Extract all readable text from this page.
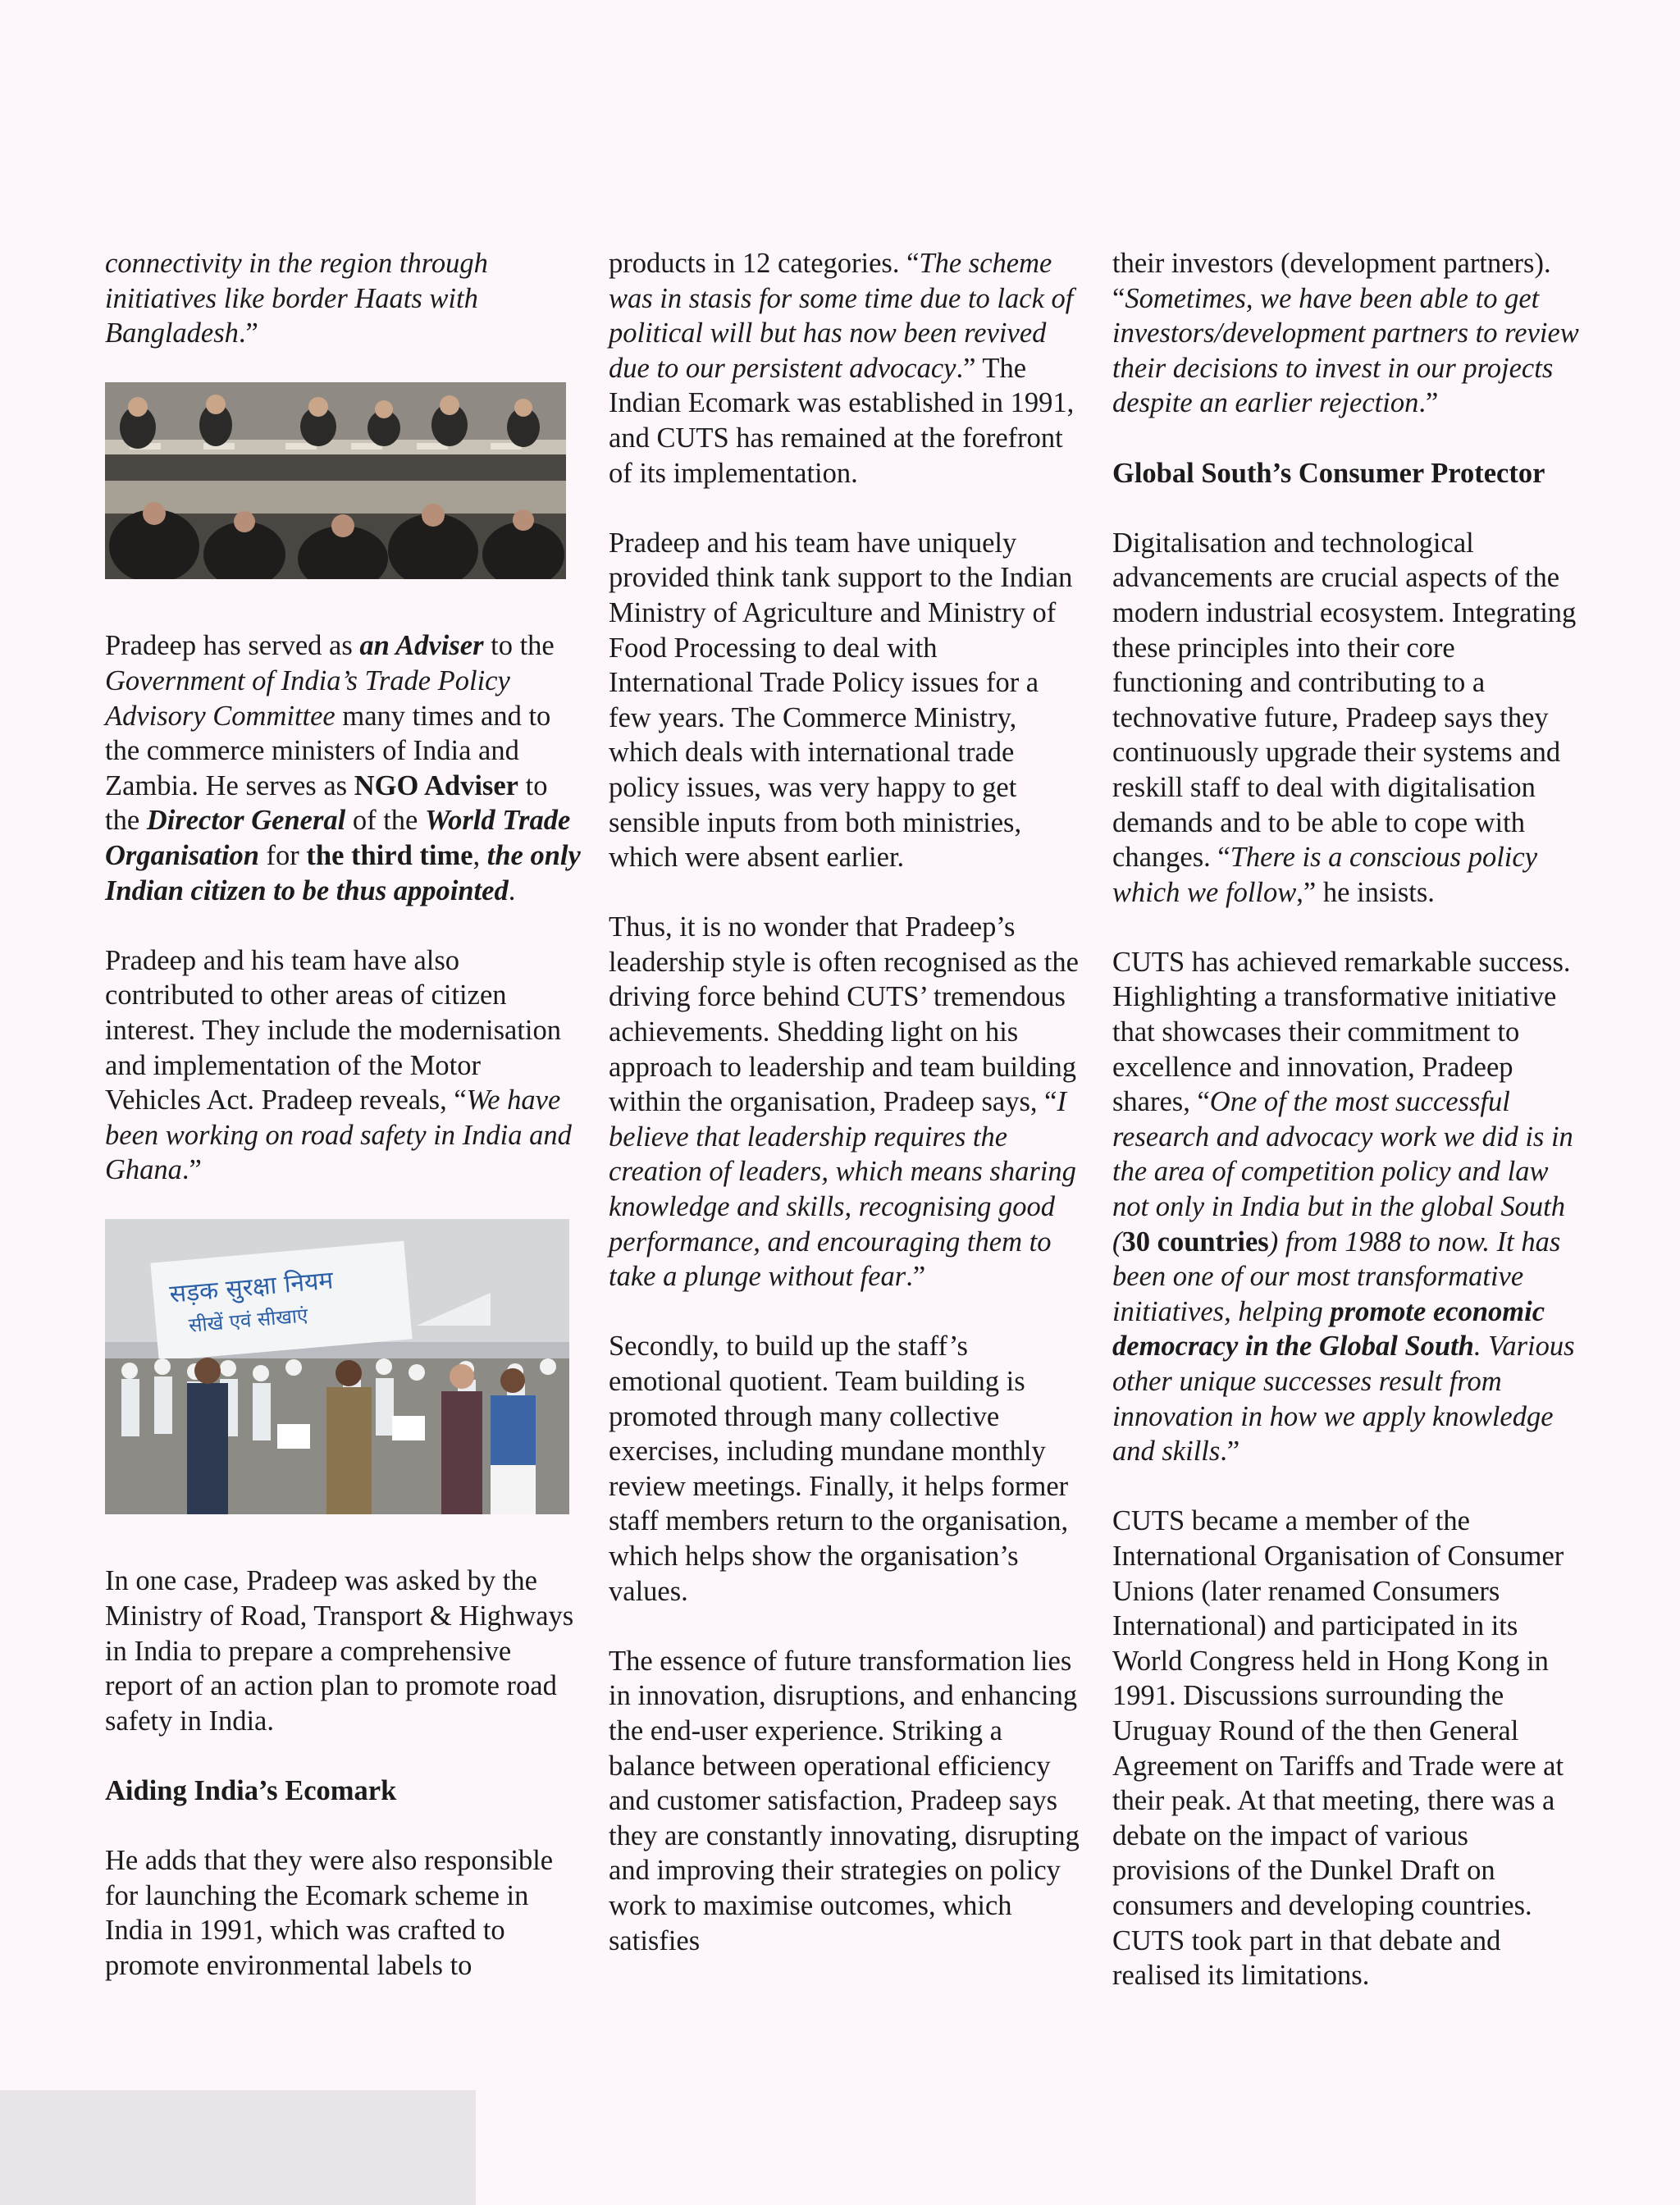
connectivity in the region through initiatives like border Haats with Bangladesh.”

Pradeep has served as an Adviser to the Government of India’s Trade Policy Advisory Committee many times and to the commerce ministers of India and Zambia. He serves as NGO Adviser to the Director General of the World Trade Organisation for the third time, the only Indian citizen to be thus appointed.

Pradeep and his team have also contributed to other areas of citizen interest. They include the modernisation and implementation of the Motor Vehicles Act. Pradeep reveals, “We have been working on road safety in India and Ghana.”

सड़क सुरक्षा नियम
सीखें एवं सीखाएं

In one case, Pradeep was asked by the Ministry of Road, Transport & Highways in India to prepare a comprehensive report of an action plan to promote road safety in India.

Aiding India’s Ecomark

He adds that they were also responsible for launching the Ecomark scheme in India in 1991, which was crafted to promote environmental labels to

products in 12 categories. “The scheme was in stasis for some time due to lack of political will but has now been revived due to our persistent advocacy.” The Indian Ecomark was established in 1991, and CUTS has remained at the forefront of its implementation.

Pradeep and his team have uniquely provided think tank support to the Indian Ministry of Agriculture and Ministry of Food Processing to deal with International Trade Policy issues for a few years. The Commerce Ministry, which deals with international trade policy issues, was very happy to get sensible inputs from both ministries, which were absent earlier.

Thus, it is no wonder that Pradeep’s leadership style is often recognised as the driving force behind CUTS’ tremendous achievements. Shedding light on his approach to leadership and team building within the organisation, Pradeep says, “I believe that leadership requires the creation of leaders, which means sharing knowledge and skills, recognising good performance, and encouraging them to take a plunge without fear.”

Secondly, to build up the staff’s emotional quotient. Team building is promoted through many collective exercises, including mundane monthly review meetings. Finally, it helps former staff members return to the organisation, which helps show the organisation’s values.

The essence of future transformation lies in innovation, disruptions, and enhancing the end-user experience. Striking a balance between operational efficiency and customer satisfaction, Pradeep says they are constantly innovating, disrupting and improving their strategies on policy work to maximise outcomes, which satisfies

their investors (development partners). “Sometimes, we have been able to get investors/development partners to review their decisions to invest in our projects despite an earlier rejection.”

Global South’s Consumer Protector

Digitalisation and technological advancements are crucial aspects of the modern industrial ecosystem. Integrating these principles into their core functioning and contributing to a technovative future, Pradeep says they continuously upgrade their systems and reskill staff to deal with digitalisation demands and to be able to cope with changes. “There is a conscious policy which we follow,” he insists.

CUTS has achieved remarkable success. Highlighting a transformative initiative that showcases their commitment to excellence and innovation, Pradeep shares, “One of the most successful research and advocacy work we did is in the area of competition policy and law not only in India but in the global South (30 countries) from 1988 to now. It has been one of our most transformative initiatives, helping promote economic democracy in the Global South. Various other unique successes result from innovation in how we apply knowledge and skills.”

CUTS became a member of the International Organisation of Consumer Unions (later renamed Consumers International) and participated in its World Congress held in Hong Kong in 1991. Discussions surrounding the Uruguay Round of the then General Agreement on Tariffs and Trade were at their peak. At that meeting, there was a debate on the impact of various provisions of the Dunkel Draft on consumers and developing countries. CUTS took part in that debate and realised its limitations.
